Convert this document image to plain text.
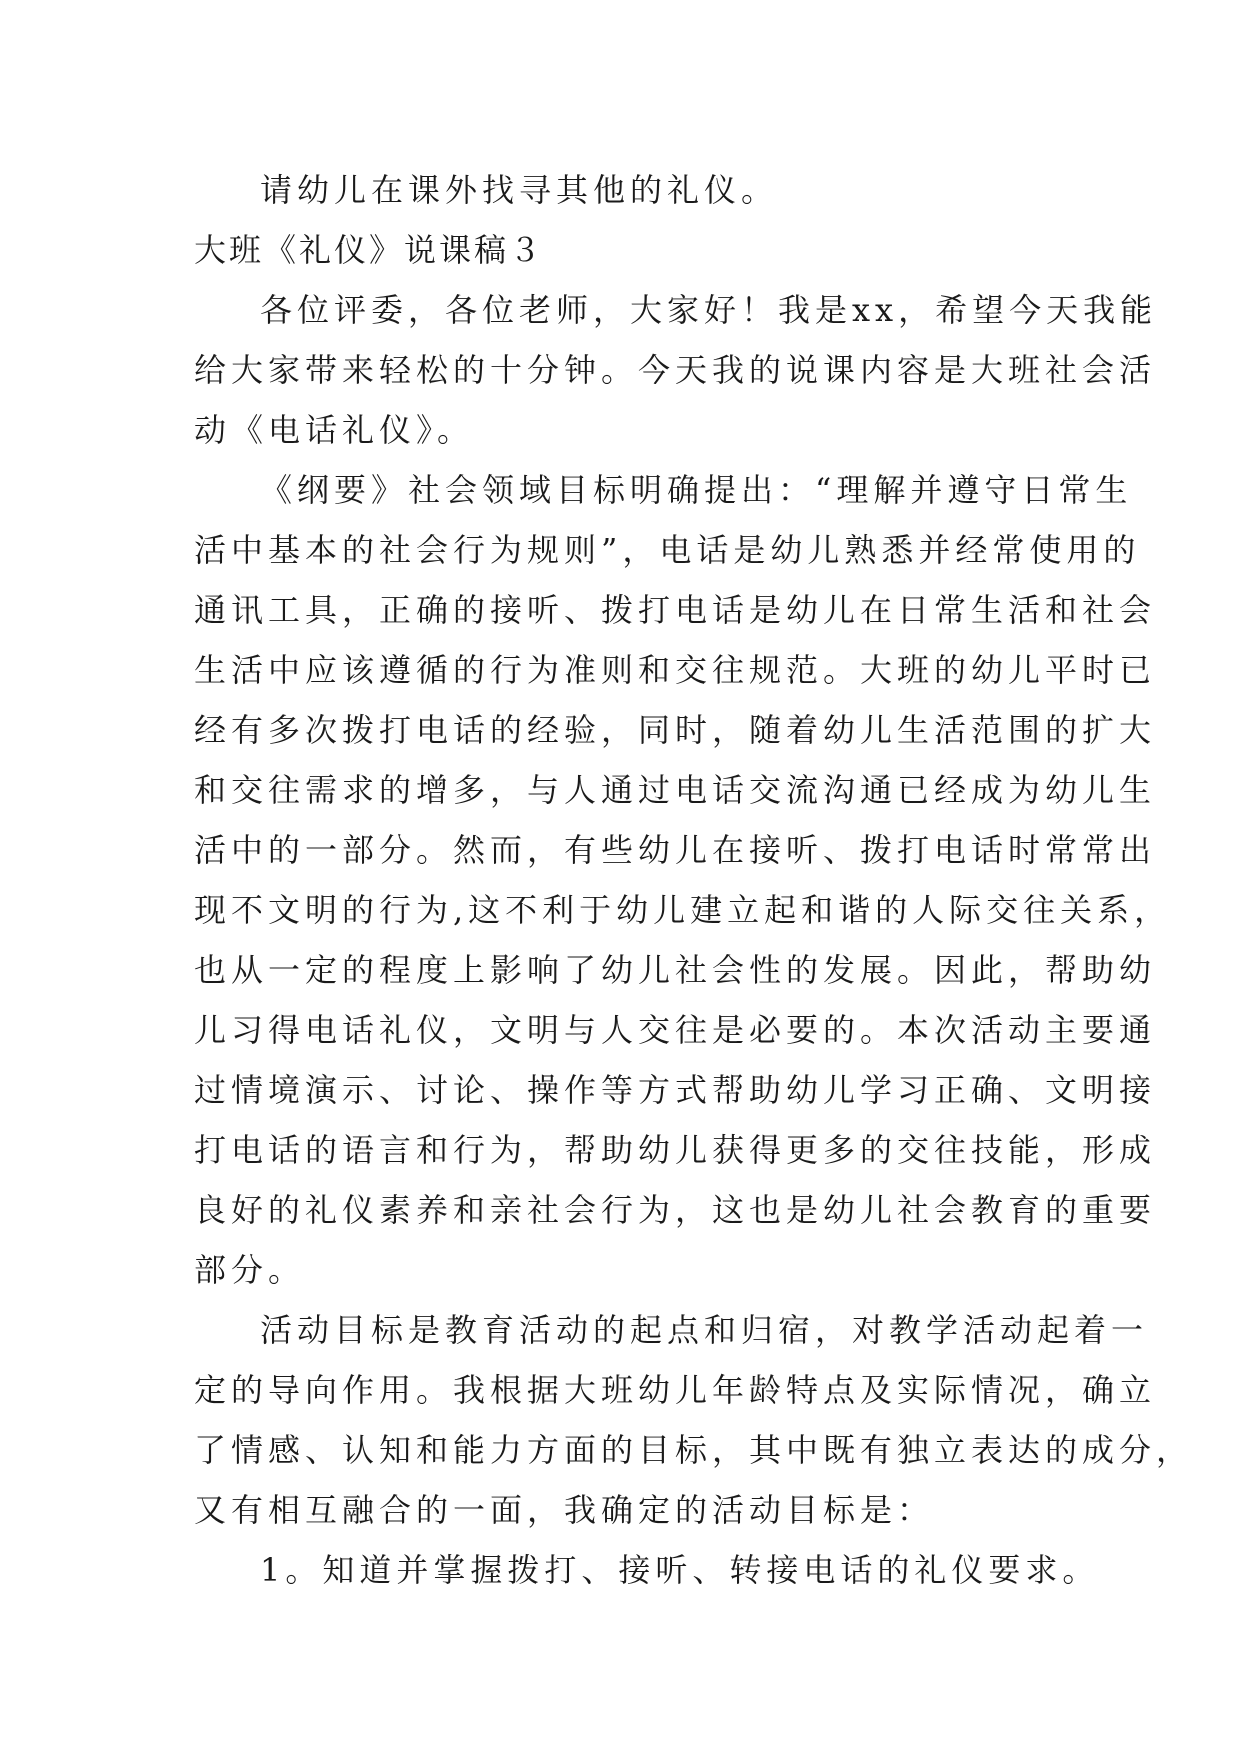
请幼儿在课外找寻其他的礼仪。
大班《礼仪》说课稿３
各位评委，各位老师，大家好！我是xx，希望今天我能
给大家带来轻松的十分钟。今天我的说课内容是大班社会活
动《电话礼仪》。
《纲要》社会领域目标明确提出：“理解并遵守日常生
活中基本的社会行为规则”，电话是幼儿熟悉并经常使用的
通讯工具，正确的接听、拨打电话是幼儿在日常生活和社会
生活中应该遵循的行为准则和交往规范。大班的幼儿平时已
经有多次拨打电话的经验，同时，随着幼儿生活范围的扩大
和交往需求的增多，与人通过电话交流沟通已经成为幼儿生
活中的一部分。然而，有些幼儿在接听、拨打电话时常常出
现不文明的行为,这不利于幼儿建立起和谐的人际交往关系，
也从一定的程度上影响了幼儿社会性的发展。因此，帮助幼
儿习得电话礼仪，文明与人交往是必要的。本次活动主要通
过情境演示、讨论、操作等方式帮助幼儿学习正确、文明接
打电话的语言和行为，帮助幼儿获得更多的交往技能，形成
良好的礼仪素养和亲社会行为，这也是幼儿社会教育的重要
部分。
活动目标是教育活动的起点和归宿，对教学活动起着一
定的导向作用。我根据大班幼儿年龄特点及实际情况，确立
了情感、认知和能力方面的目标，其中既有独立表达的成分，
又有相互融合的一面，我确定的活动目标是：
1。知道并掌握拨打、接听、转接电话的礼仪要求。
